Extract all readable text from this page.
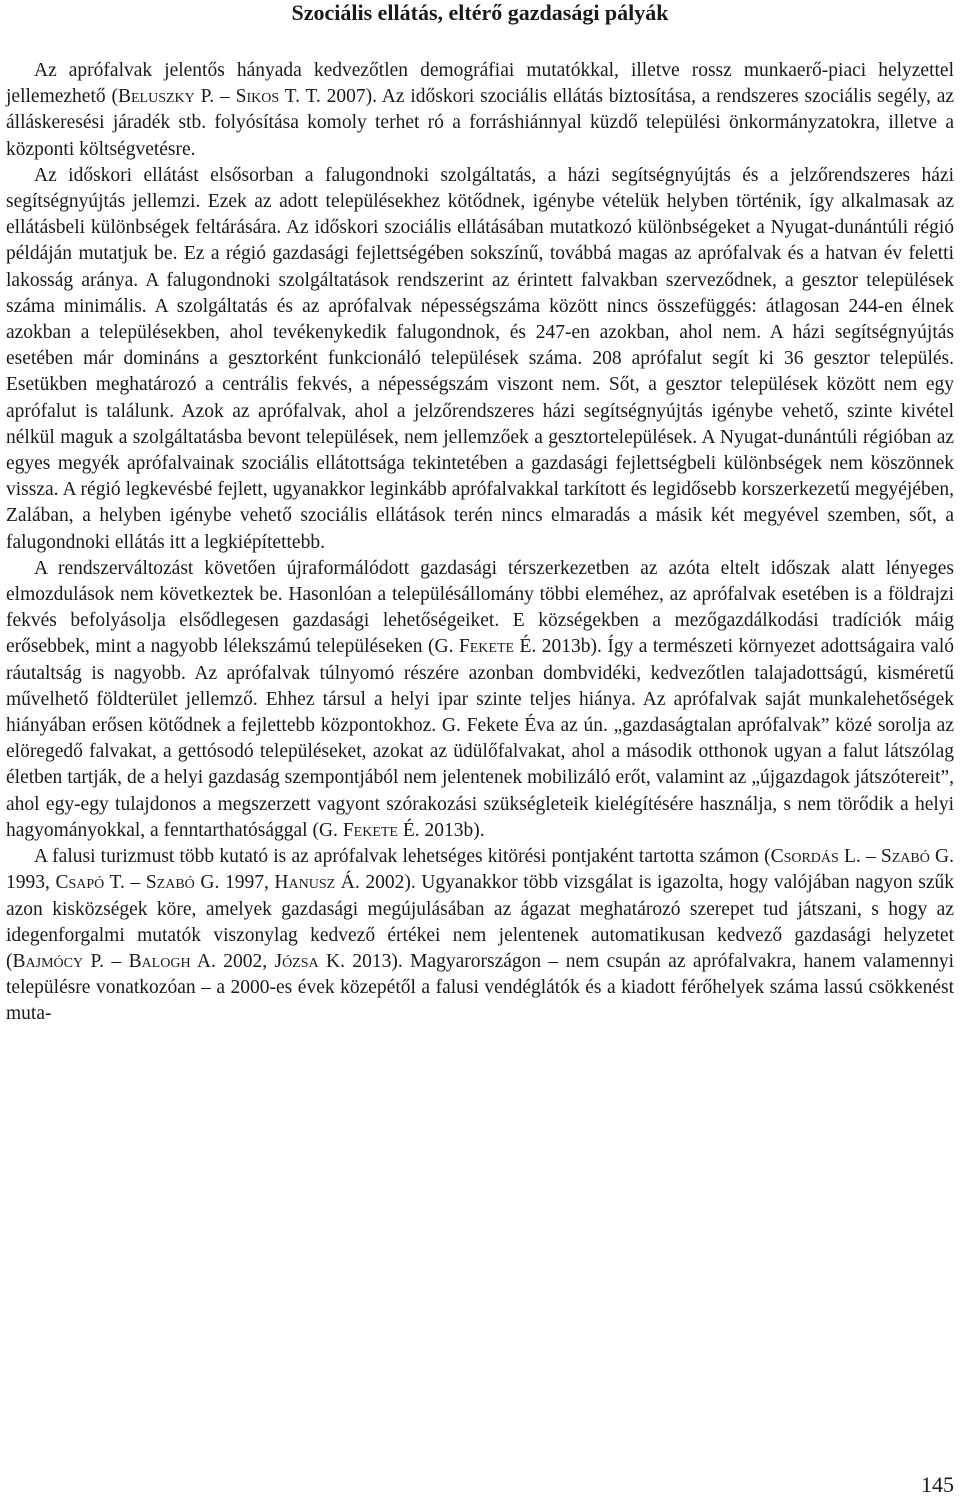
Szociális ellátás, eltérő gazdasági pályák

Az aprófalvak jelentős hányada kedvezőtlen demográfiai mutatókkal, illetve rossz munkaerő-piaci helyzettel jellemezhető (Beluszky P. – Sikos T. T. 2007). Az időskori szociális ellátás biztosítása, a rendszeres szociális segély, az álláskeresési járadék stb. folyósítása komoly terhet ró a forráshiánnyal küzdő települési önkormányzatokra, illetve a központi költségvetésre.

Az időskori ellátást elsősorban a falugondnoki szolgáltatás, a házi segítségnyújtás és a jelzőrendszeres házi segítségnyújtás jellemzi. Ezek az adott településekhez kötődnek, igénybe vételük helyben történik, így alkalmasak az ellátásbeli különbségek feltárására. Az időskori szociális ellátásában mutatkozó különbségeket a Nyugat-dunántúli régió példáján mutatjuk be. Ez a régió gazdasági fejlettségében sokszínű, továbbá magas az aprófalvak és a hatvan év feletti lakosság aránya. A falugondnoki szolgáltatások rendszerint az érintett falvakban szerveződnek, a gesztor települések száma minimális. A szolgáltatás és az aprófalvak népességszáma között nincs összefüggés: átlagosan 244-en élnek azokban a településekben, ahol tevékenykedik falugondnok, és 247-en azokban, ahol nem. A házi segítségnyújtás esetében már domináns a gesztorként funkcionáló települések száma. 208 aprófalut segít ki 36 gesztor település. Esetükben meghatározó a centrális fekvés, a népességszám viszont nem. Sőt, a gesztor települések között nem egy aprófalut is találunk. Azok az aprófalvak, ahol a jelzőrendszeres házi segítségnyújtás igénybe vehető, szinte kivétel nélkül maguk a szolgáltatásba bevont települések, nem jellemzőek a gesztortelepülések. A Nyugat-dunántúli régióban az egyes megyék aprófalvainak szociális ellátottsága tekintetében a gazdasági fejlettségbeli különbségek nem köszönnek vissza. A régió legkevésbé fejlett, ugyanakkor leginkább aprófalvakkal tarkított és legidősebb korszerkezetű megyéjében, Zalában, a helyben igénybe vehető szociális ellátások terén nincs elmaradás a másik két megyével szemben, sőt, a falugondnoki ellátás itt a legkiépítettebb.

A rendszerváltozást követően újraformálódott gazdasági térszerkezetben az azóta eltelt időszak alatt lényeges elmozdulások nem következtek be. Hasonlóan a településállomány többi eleméhez, az aprófalvak esetében is a földrajzi fekvés befolyásolja elsődlegesen gazdasági lehetőségeiket. E községekben a mezőgazdálkodási tradíciók máig erősebbek, mint a nagyobb lélekszámú településeken (G. Fekete É. 2013b). Így a természeti környezet adottságaira való ráutaltság is nagyobb. Az aprófalvak túlnyomó részére azonban dombvidéki, kedvezőtlen talajadottságú, kisméretű művelhető földterület jellemző. Ehhez társul a helyi ipar szinte teljes hiánya. Az aprófalvak saját munkalehetőségek hiányában erősen kötődnek a fejlettebb központokhoz. G. Fekete Éva az ún. „gazdaságtalan aprófalvak” közé sorolja az elöregedő falvakat, a gettósodó településeket, azokat az üdülőfalvakat, ahol a második otthonok ugyan a falut látszólag életben tartják, de a helyi gazdaság szempontjából nem jelentenek mobilizáló erőt, valamint az „újgazdagok játszótereit”, ahol egy-egy tulajdonos a megszerzett vagyont szórakozási szükségleteik kielégítésére használja, s nem törődik a helyi hagyományokkal, a fenntarthatósággal (G. Fekete É. 2013b).

A falusi turizmust több kutató is az aprófalvak lehetséges kitörési pontjaként tartotta számon (Csordás L. – Szabó G. 1993, Csapó T. – Szabó G. 1997, Hanusz Á. 2002). Ugyanakkor több vizsgálat is igazolta, hogy valójában nagyon szűk azon kisközségek köre, amelyek gazdasági megújulásában az ágazat meghatározó szerepet tud játszani, s hogy az idegenforgalmi mutatók viszonylag kedvező értékei nem jelentenek automatikusan kedvező gazdasági helyzetet (Bajmócy P. – Balogh A. 2002, Józsa K. 2013). Magyarországon – nem csupán az aprófalvakra, hanem valamennyi településre vonatkozóan – a 2000-es évek közepétől a falusi vendéglátók és a kiadott férőhelyek száma lassú csökkenést muta-

145
